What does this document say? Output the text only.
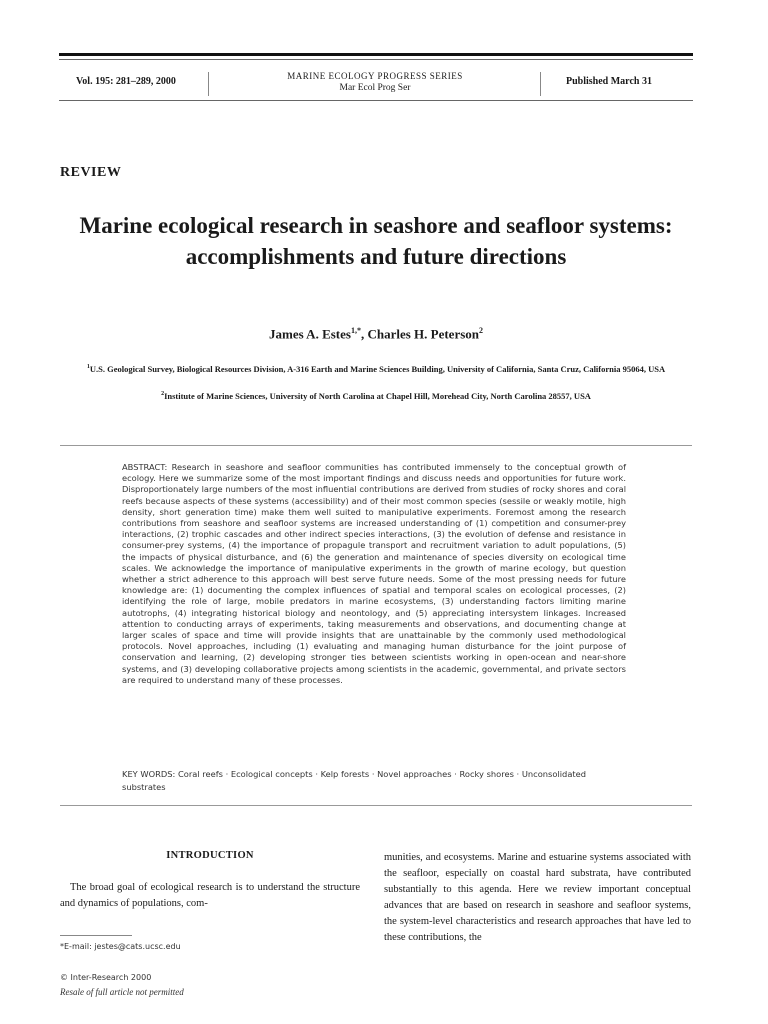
Vol. 195: 281–289, 2000	MARINE ECOLOGY PROGRESS SERIES
Mar Ecol Prog Ser
Published March 31
REVIEW
Marine ecological research in seashore and seafloor systems: accomplishments and future directions
James A. Estes$^{1,*}$, Charles H. Peterson$^2$
$^1$U.S. Geological Survey, Biological Resources Division, A-316 Earth and Marine Sciences Building, University of California, Santa Cruz, California 95064, USA
$^2$Institute of Marine Sciences, University of North Carolina at Chapel Hill, Morehead City, North Carolina 28557, USA
ABSTRACT: Research in seashore and seafloor communities has contributed immensely to the conceptual growth of ecology. Here we summarize some of the most important findings and discuss needs and opportunities for future work. Disproportionately large numbers of the most influential contributions are derived from studies of rocky shores and coral reefs because aspects of these systems (accessibility) and of their most common species (sessile or weakly motile, high density, short generation time) make them well suited to manipulative experiments. Foremost among the research contributions from seashore and seafloor systems are increased understanding of (1) competition and consumer-prey interactions, (2) trophic cascades and other indirect species interactions, (3) the evolution of defense and resistance in consumer-prey systems, (4) the importance of propagule transport and recruitment variation to adult populations, (5) the impacts of physical disturbance, and (6) the generation and maintenance of species diversity on ecological time scales. We acknowledge the importance of manipulative experiments in the growth of marine ecology, but question whether a strict adherence to this approach will best serve future needs. Some of the most pressing needs for future knowledge are: (1) documenting the complex influences of spatial and temporal scales on ecological processes, (2) identifying the role of large, mobile predators in marine ecosystems, (3) understanding factors limiting marine autotrophs, (4) integrating historical biology and neontology, and (5) appreciating intersystem linkages. Increased attention to conducting arrays of experiments, taking measurements and observations, and documenting change at larger scales of space and time will provide insights that are unattainable by the commonly used methodological protocols. Novel approaches, including (1) evaluating and managing human disturbance for the joint purpose of conservation and learning, (2) developing stronger ties between scientists working in open-ocean and near-shore systems, and (3) developing collaborative projects among scientists in the academic, governmental, and private sectors are required to understand many of these processes.
KEY WORDS: Coral reefs · Ecological concepts · Kelp forests · Novel approaches · Rocky shores · Unconsolidated substrates
INTRODUCTION
The broad goal of ecological research is to understand the structure and dynamics of populations, com-
munities, and ecosystems. Marine and estuarine systems associated with the seafloor, especially on coastal hard substrata, have contributed substantially to this agenda. Here we review important conceptual advances that are based on research in seashore and seafloor systems, the system-level characteristics and research approaches that have led to these contributions, the
*E-mail: jestes@cats.ucsc.edu
© Inter-Research 2000
Resale of full article not permitted
